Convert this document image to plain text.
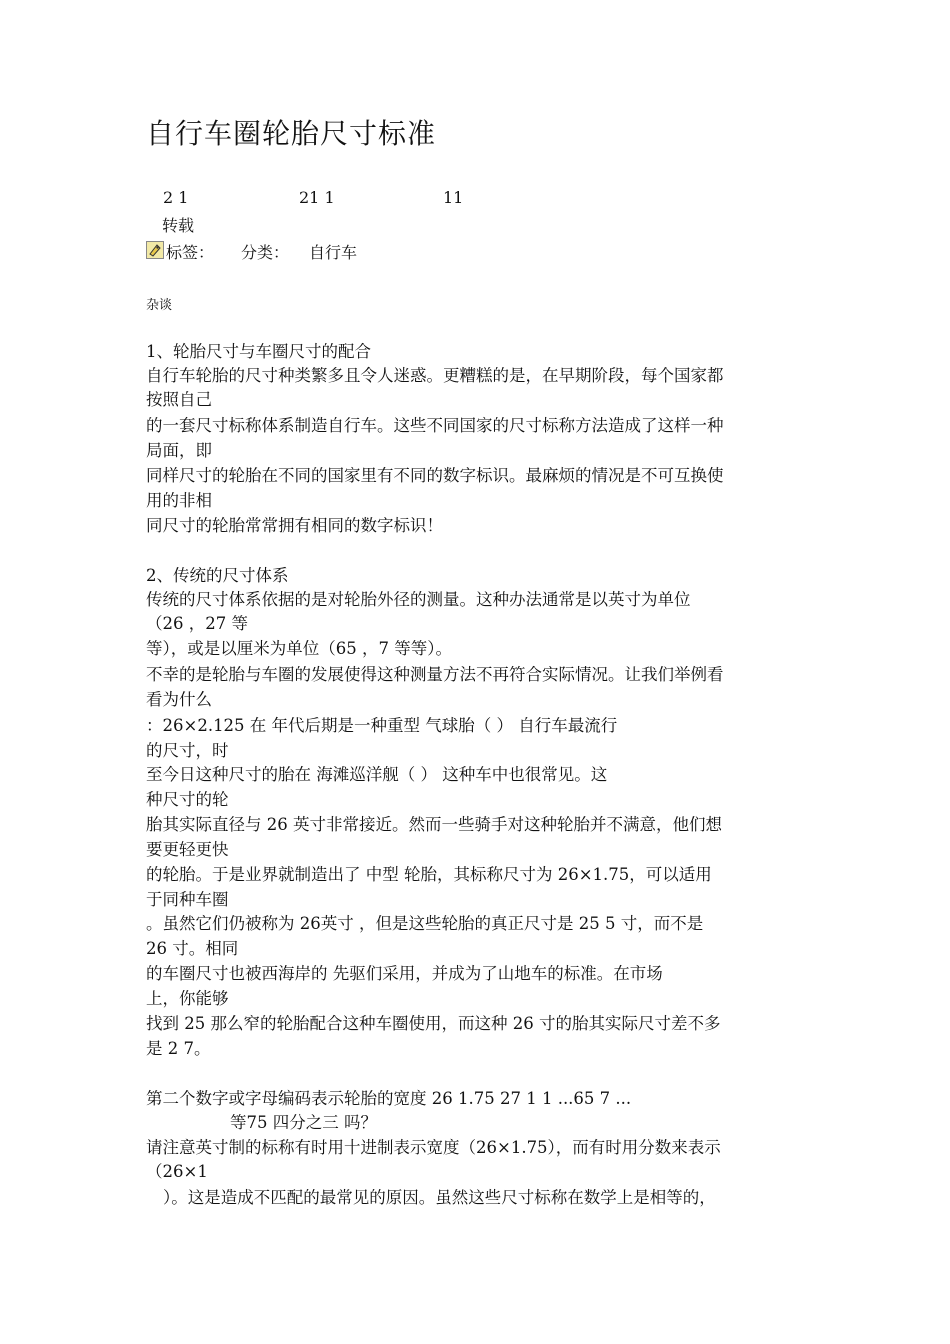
自行车圈轮胎尺寸标准
2 1	21 1	11
转载
标签： 分类： 自行车
杂谈
1、轮胎尺寸与车圈尺寸的配合
自行车轮胎的尺寸种类繁多且令人迷惑。更糟糕的是，在早期阶段，每个国家都
按照自己
的一套尺寸标称体系制造自行车。这些不同国家的尺寸标称方法造成了这样一种
局面，即
同样尺寸的轮胎在不同的国家里有不同的数字标识。最麻烦的情况是不可互换使
用的非相
同尺寸的轮胎常常拥有相同的数字标识！
2、传统的尺寸体系
传统的尺寸体系依据的是对轮胎外径的测量。这种办法通常是以英寸为单位
（26 ，27 等
等），或是以厘米为单位（65 ，7 等等）。
不幸的是轮胎与车圈的发展使得这种测量方法不再符合实际情况。让我们举例看
看为什么
：26×2.125 在 年代后期是一种重型 气球胎（ ） 自行车最流行
的尺寸，时
至今日这种尺寸的胎在 海滩巡洋舰（ ） 这种车中也很常见。这
种尺寸的轮
胎其实际直径与 26 英寸非常接近。然而一些骑手对这种轮胎并不满意，他们想
要更轻更快
的轮胎。于是业界就制造出了 中型 轮胎，其标称尺寸为 26×1.75，可以适用
于同种车圈
。虽然它们仍被称为 26英寸 ，但是这些轮胎的真正尺寸是 25 5 寸，而不是
26 寸。相同
的车圈尺寸也被西海岸的 先驱们采用，并成为了山地车的标准。在市场
上，你能够
找到 25 那么窄的轮胎配合这种车圈使用，而这种 26 寸的胎其实际尺寸差不多
是 2 7。
第二个数字或字母编码表示轮胎的宽度 26 1.75 27 1 1 ...65 7 ...
等75 四分之三 吗？
请注意英寸制的标称有时用十进制表示宽度（26×1.75），而有时用分数来表示
（26×1
）。这是造成不匹配的最常见的原因。虽然这些尺寸标称在数学上是相等的，
